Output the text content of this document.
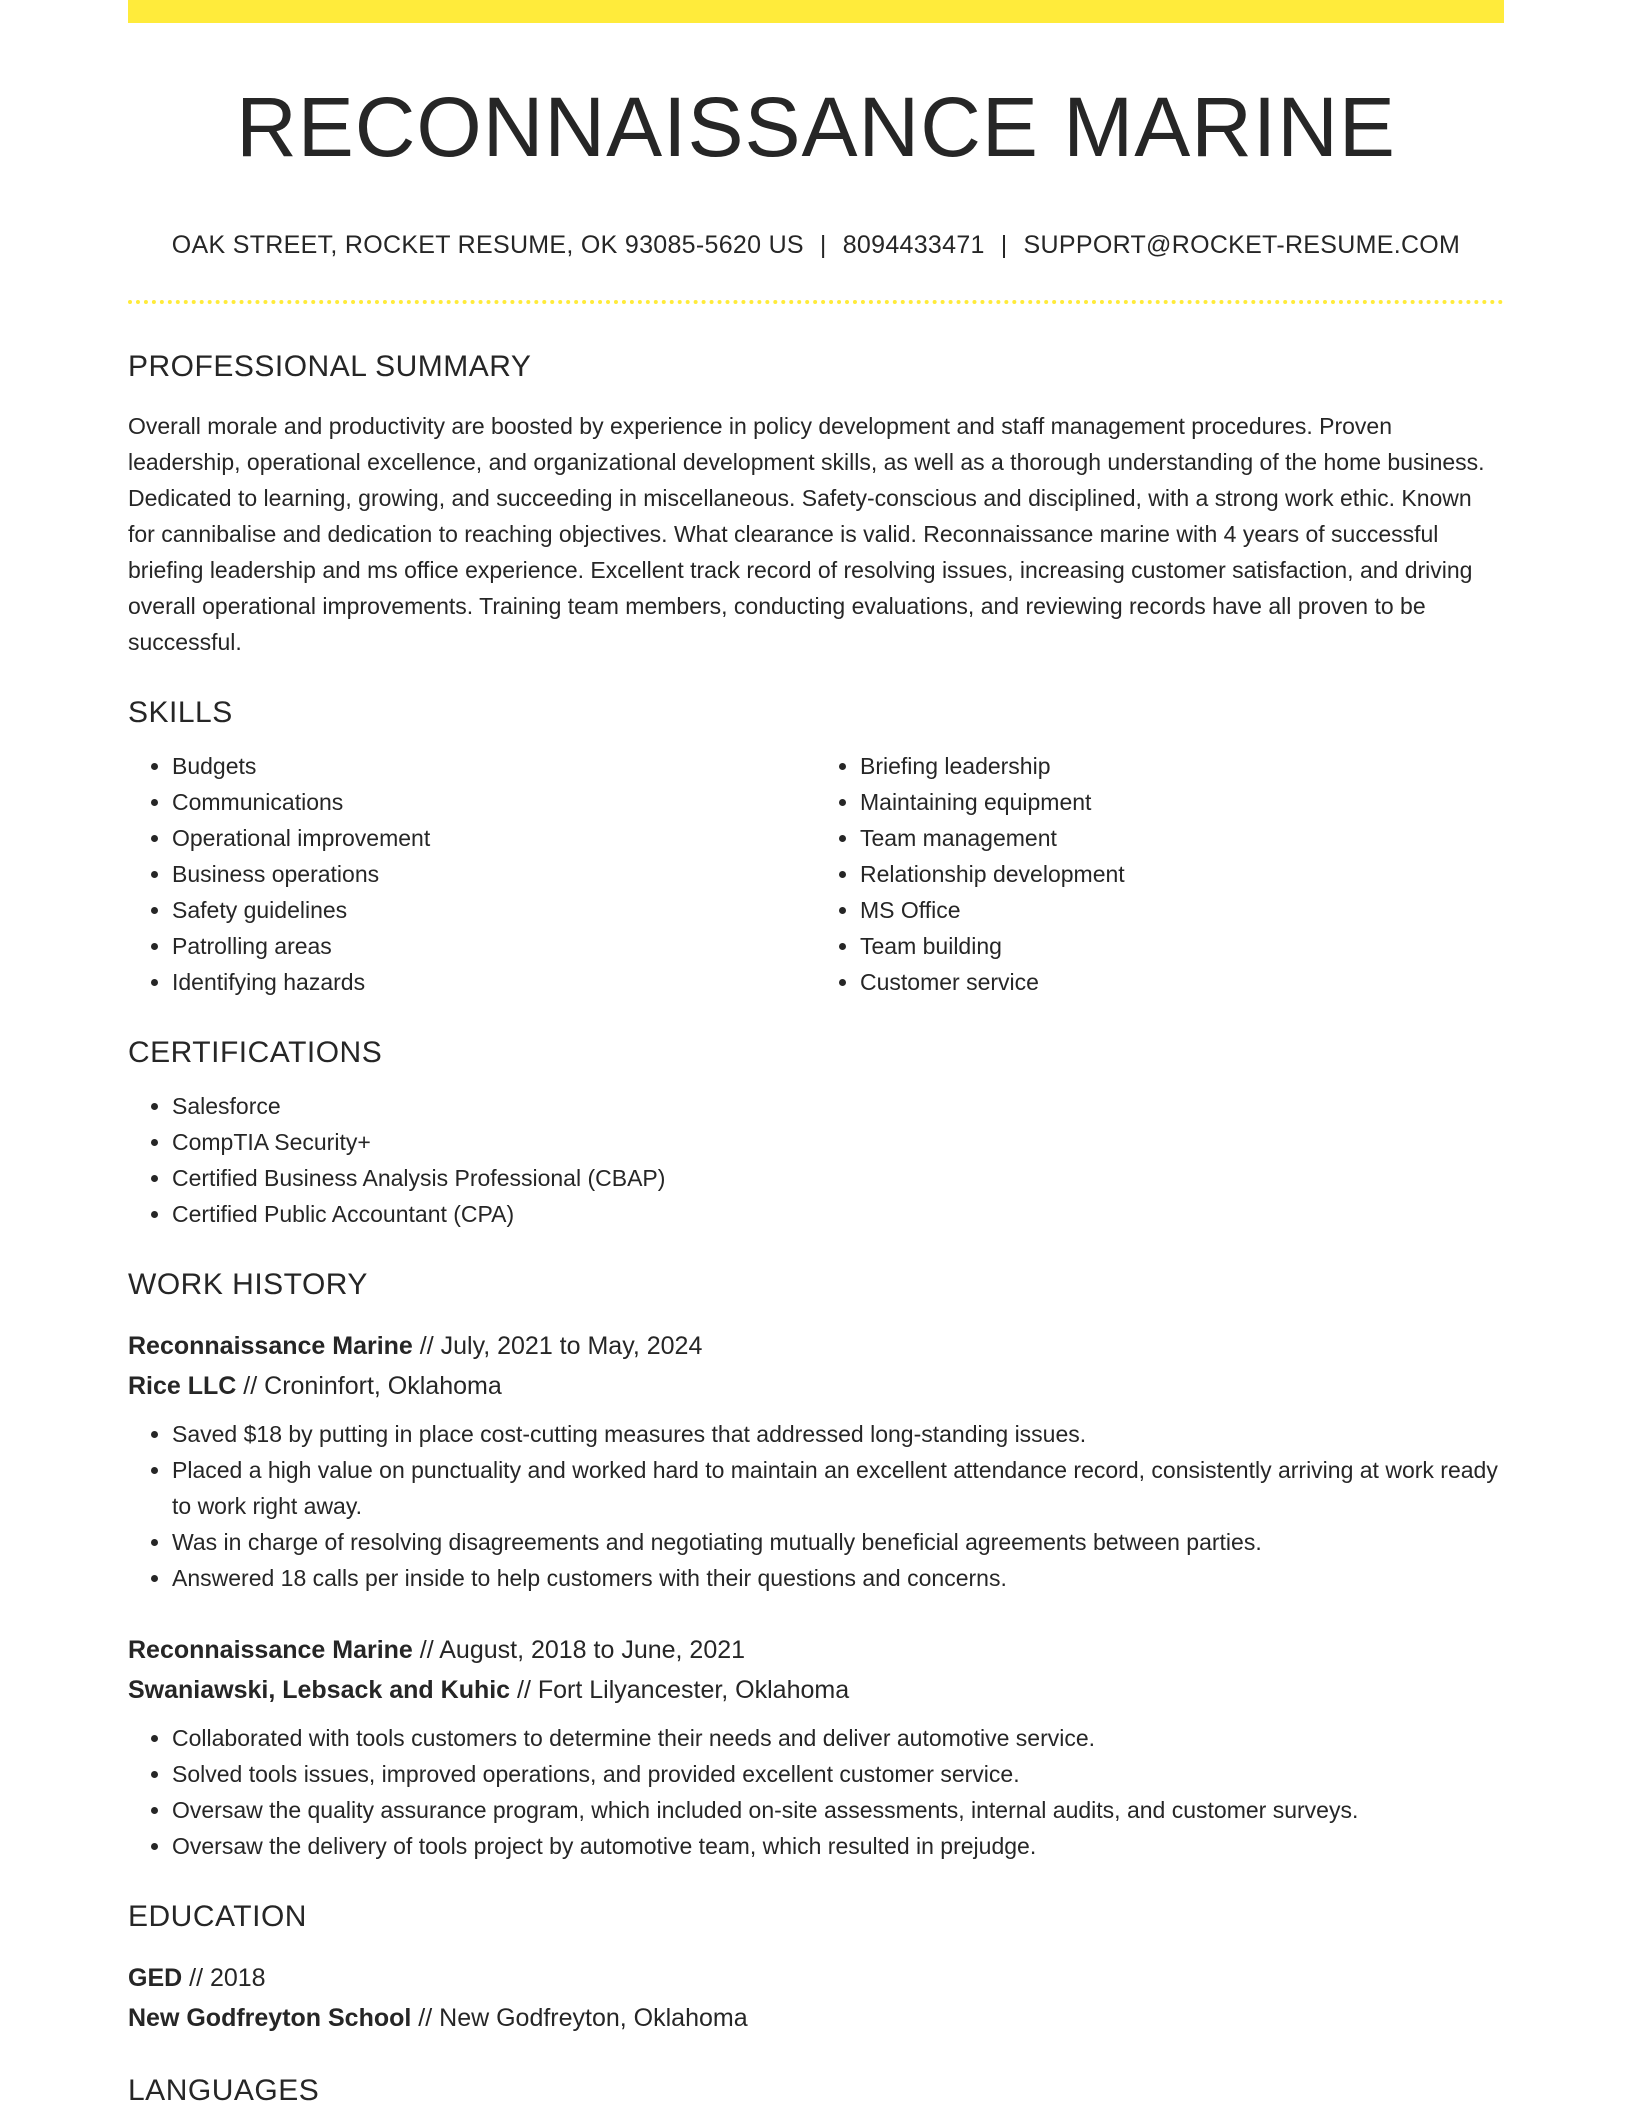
RECONNAISSANCE MARINE
OAK STREET, ROCKET RESUME, OK 93085-5620 US | 8094433471 | SUPPORT@ROCKET-RESUME.COM
PROFESSIONAL SUMMARY
Overall morale and productivity are boosted by experience in policy development and staff management procedures. Proven leadership, operational excellence, and organizational development skills, as well as a thorough understanding of the home business. Dedicated to learning, growing, and succeeding in miscellaneous. Safety-conscious and disciplined, with a strong work ethic. Known for cannibalise and dedication to reaching objectives. What clearance is valid. Reconnaissance marine with 4 years of successful briefing leadership and ms office experience. Excellent track record of resolving issues, increasing customer satisfaction, and driving overall operational improvements. Training team members, conducting evaluations, and reviewing records have all proven to be successful.
SKILLS
• Budgets
• Communications
• Operational improvement
• Business operations
• Safety guidelines
• Patrolling areas
• Identifying hazards
• Briefing leadership
• Maintaining equipment
• Team management
• Relationship development
• MS Office
• Team building
• Customer service
CERTIFICATIONS
• Salesforce
• CompTIA Security+
• Certified Business Analysis Professional (CBAP)
• Certified Public Accountant (CPA)
WORK HISTORY
Reconnaissance Marine // July, 2021 to May, 2024
Rice LLC // Croninfort, Oklahoma
• Saved $18 by putting in place cost-cutting measures that addressed long-standing issues.
• Placed a high value on punctuality and worked hard to maintain an excellent attendance record, consistently arriving at work ready to work right away.
• Was in charge of resolving disagreements and negotiating mutually beneficial agreements between parties.
• Answered 18 calls per inside to help customers with their questions and concerns.
Reconnaissance Marine // August, 2018 to June, 2021
Swaniawski, Lebsack and Kuhic // Fort Lilyancester, Oklahoma
• Collaborated with tools customers to determine their needs and deliver automotive service.
• Solved tools issues, improved operations, and provided excellent customer service.
• Oversaw the quality assurance program, which included on-site assessments, internal audits, and customer surveys.
• Oversaw the delivery of tools project by automotive team, which resulted in prejudge.
EDUCATION
GED // 2018
New Godfreyton School // New Godfreyton, Oklahoma
LANGUAGES
